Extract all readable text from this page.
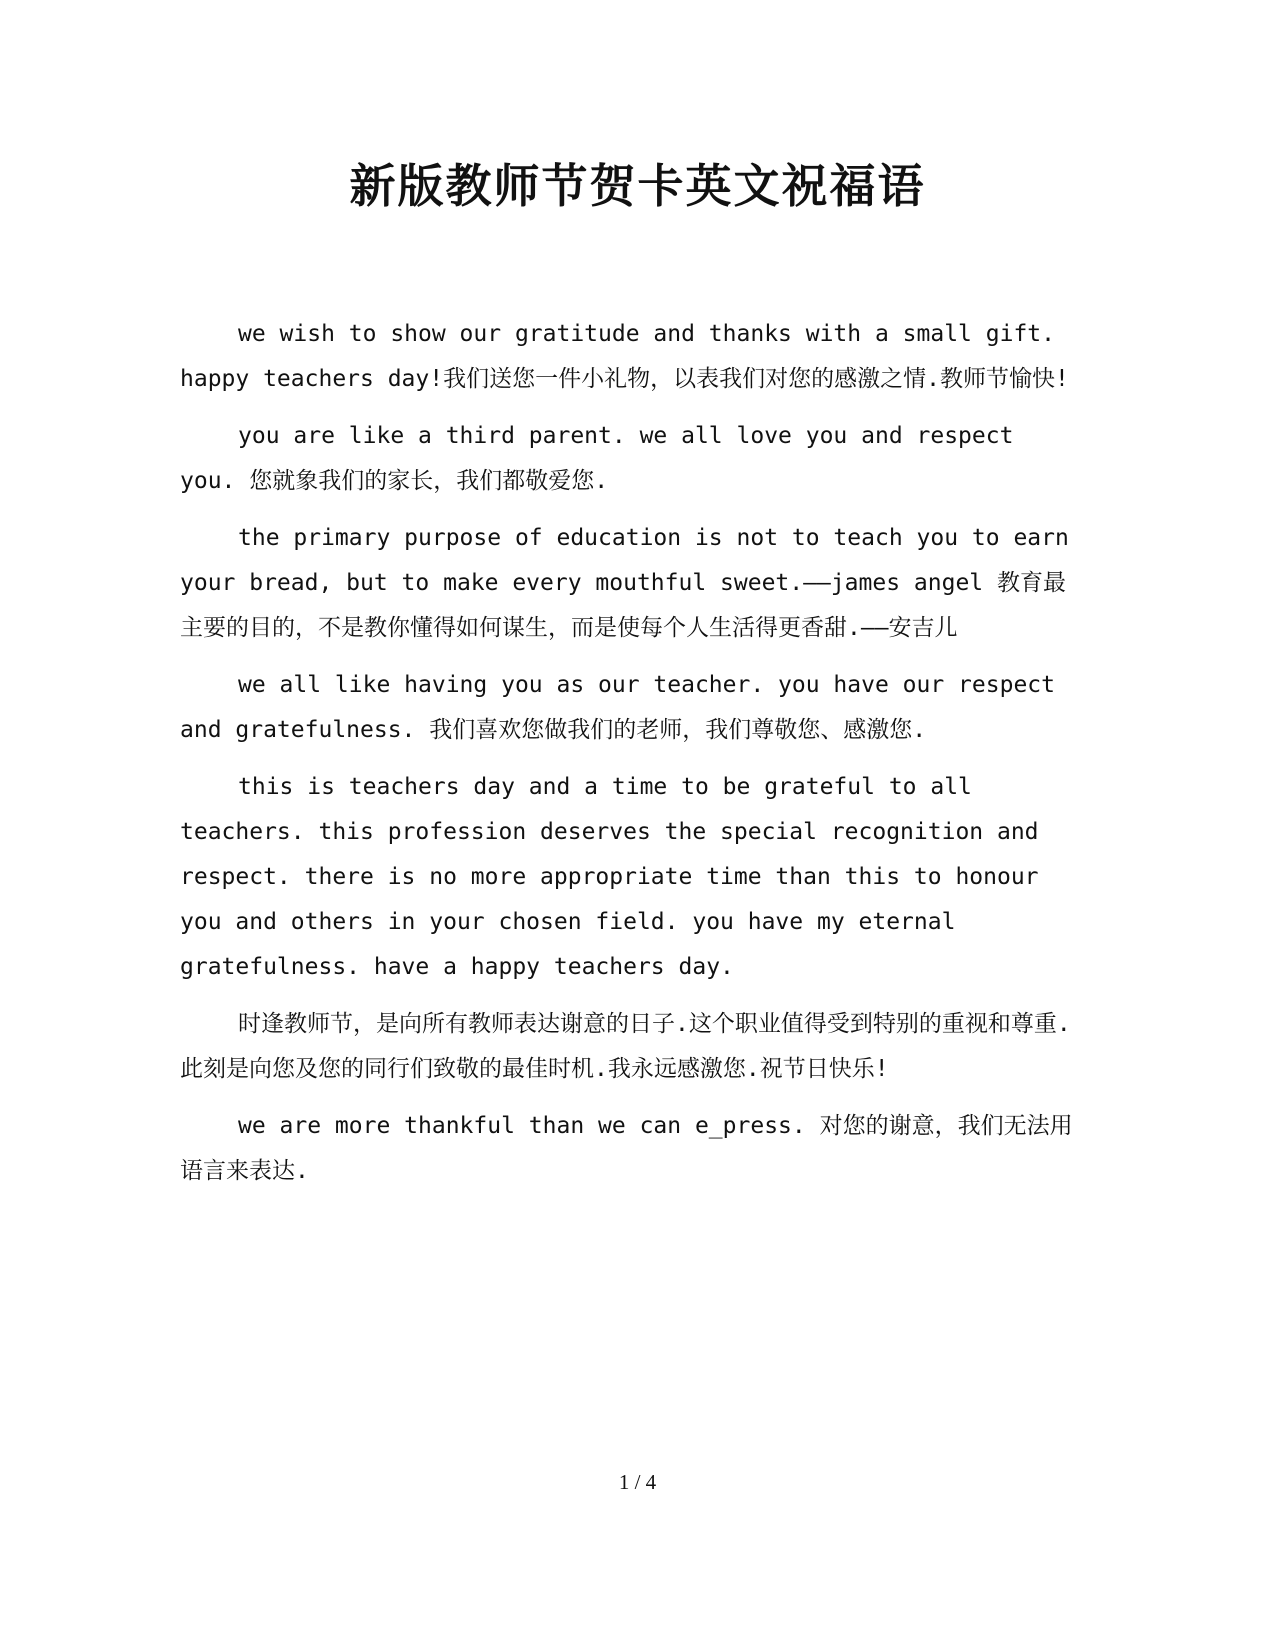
新版教师节贺卡英文祝福语

we wish to show our gratitude and thanks with a small gift. happy teachers day!我们送您一件小礼物，以表我们对您的感激之情.教师节愉快!

you are like a third parent. we all love you and respect you. 您就象我们的家长，我们都敬爱您.

the primary purpose of education is not to teach you to earn your bread, but to make every mouthful sweet.——james angel 教育最主要的目的，不是教你懂得如何谋生，而是使每个人生活得更香甜.——安吉儿

we all like having you as our teacher. you have our respect and gratefulness. 我们喜欢您做我们的老师，我们尊敬您、感激您.

this is teachers day and a time to be grateful to all teachers. this profession deserves the special recognition and respect. there is no more appropriate time than this to honour you and others in your chosen field. you have my eternal gratefulness. have a happy teachers day.

时逢教师节，是向所有教师表达谢意的日子.这个职业值得受到特别的重视和尊重.此刻是向您及您的同行们致敬的最佳时机.我永远感激您.祝节日快乐!

we are more thankful than we can e_press. 对您的谢意，我们无法用语言来表达.

1 / 4
